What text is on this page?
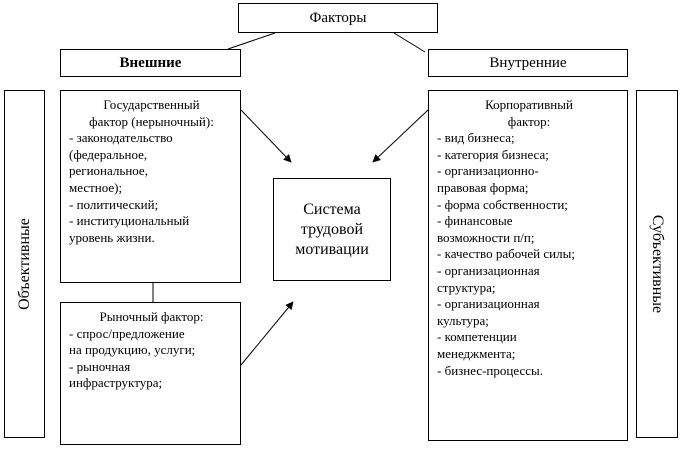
Факторы
Внешние	Внутренние
Объективные	Субъективные
Государственный
фактор (нерыночный):
- законодательство
(федеральное,
региональное,
местное);
- политический;
- институциональный
уровень жизни.
Рыночный фактор:
- спрос/предложение
на продукцию, услуги;
- рыночная
инфраструктура;
Корпоративный
фактор:
- вид бизнеса;
- категория бизнеса;
- организационно-
правовая форма;
- форма собственности;
- финансовые
возможности п/п;
- качество рабочей силы;
- организационная
структура;
- организационная
культура;
- компетенции
менеджмента;
- бизнес-процессы.
Система
трудовой
мотивации
